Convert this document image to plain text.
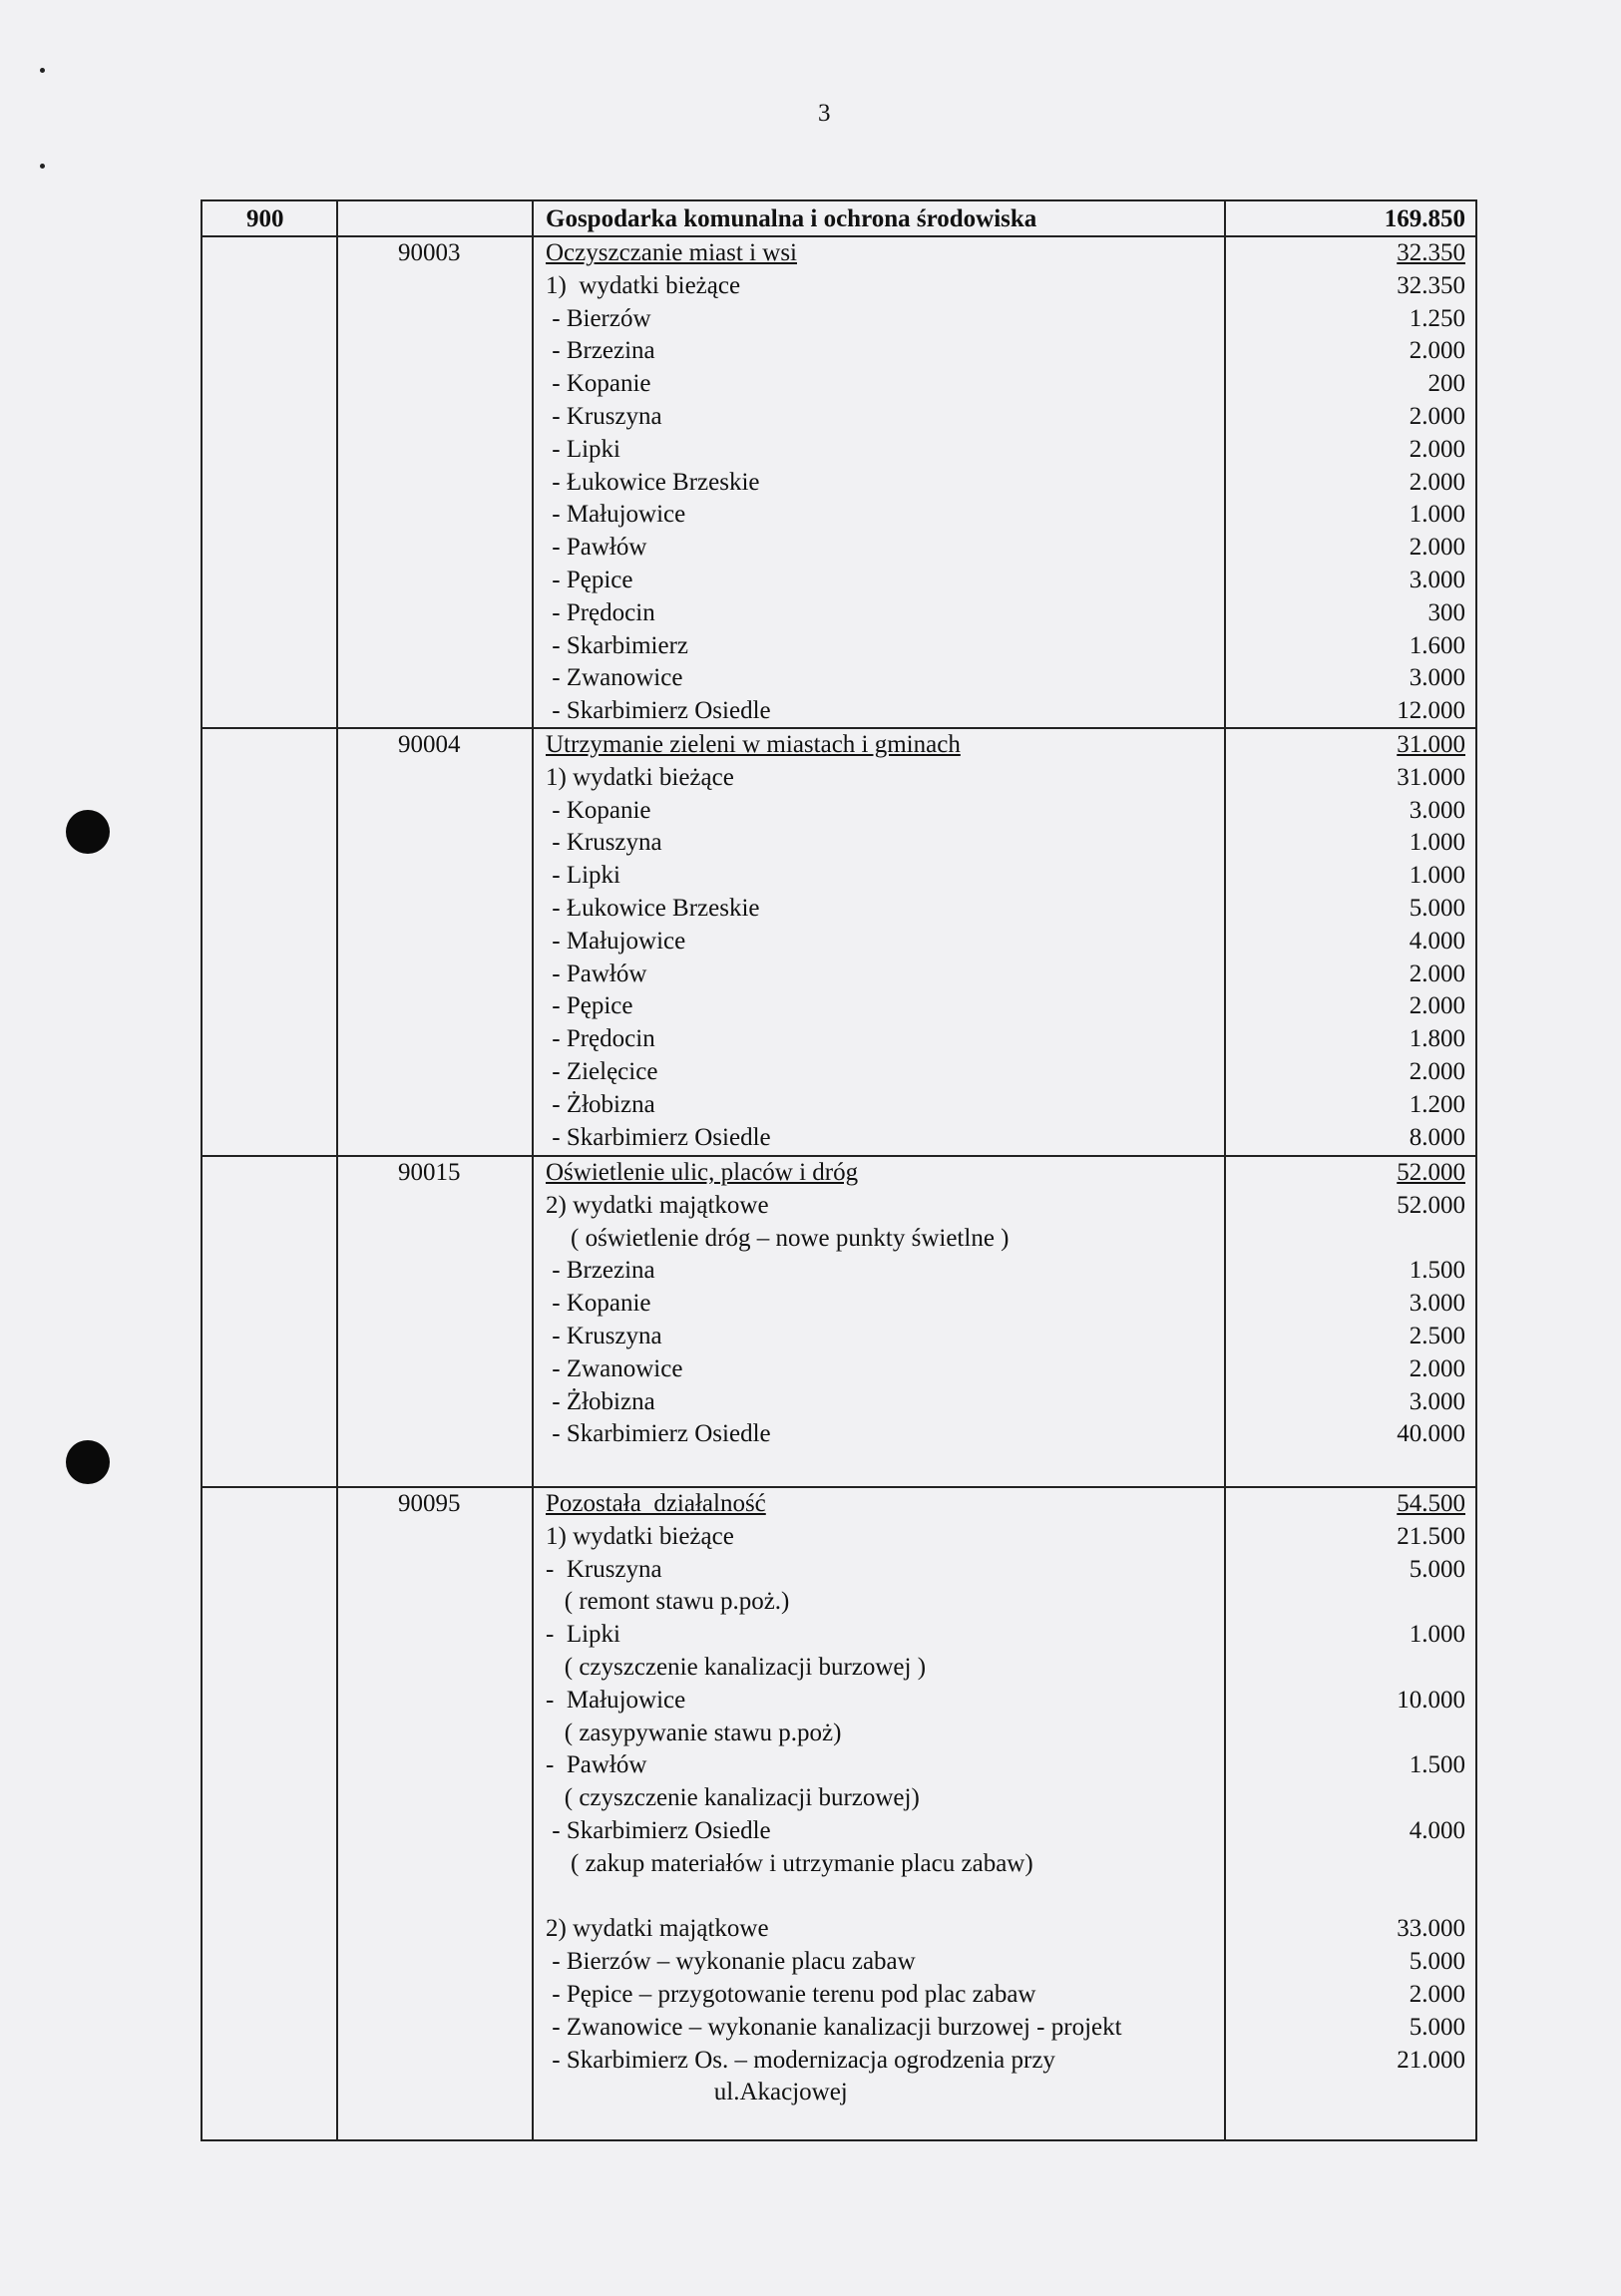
3
900	Gospodarka komunalna i ochrona środowiska	169.850
90003	Oczyszczanie miast i wsi	32.350
1)  wydatki bieżące	32.350
- Bierzów	1.250
- Brzezina	2.000
- Kopanie	200
- Kruszyna	2.000
- Lipki	2.000
- Łukowice Brzeskie	2.000
- Małujowice	1.000
- Pawłów	2.000
- Pępice	3.000
- Prędocin	300
- Skarbimierz	1.600
- Zwanowice	3.000
- Skarbimierz Osiedle	12.000
90004	Utrzymanie zieleni w miastach i gminach	31.000
1) wydatki bieżące	31.000
- Kopanie	3.000
- Kruszyna	1.000
- Lipki	1.000
- Łukowice Brzeskie	5.000
- Małujowice	4.000
- Pawłów	2.000
- Pępice	2.000
- Prędocin	1.800
- Zielęcice	2.000
- Żłobizna	1.200
- Skarbimierz Osiedle	8.000
90015	Oświetlenie ulic, placów i dróg	52.000
2) wydatki majątkowe	52.000
( oświetlenie dróg – nowe punkty świetlne )
- Brzezina	1.500
- Kopanie	3.000
- Kruszyna	2.500
- Zwanowice	2.000
- Żłobizna	3.000
- Skarbimierz Osiedle	40.000
90095	Pozostała  działalność	54.500
1) wydatki bieżące	21.500
-  Kruszyna	5.000
( remont stawu p.poż.)
-  Lipki	1.000
( czyszczenie kanalizacji burzowej )
-  Małujowice	10.000
( zasypywanie stawu p.poż)
-  Pawłów	1.500
( czyszczenie kanalizacji burzowej)
- Skarbimierz Osiedle	4.000
( zakup materiałów i utrzymanie placu zabaw)
2) wydatki majątkowe	33.000
- Bierzów – wykonanie placu zabaw	5.000
- Pępice – przygotowanie terenu pod plac zabaw	2.000
- Zwanowice – wykonanie kanalizacji burzowej - projekt	5.000
- Skarbimierz Os. – modernizacja ogrodzenia przy	21.000
ul.Akacjowej
